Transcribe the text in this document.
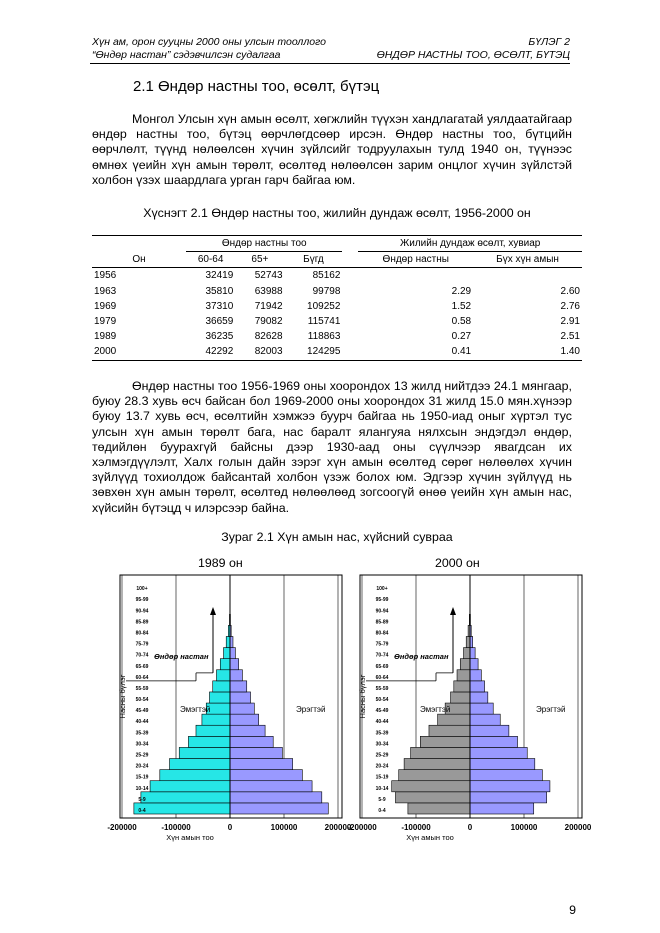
Хүн ам, орон сууцны 2000 оны улсын тооллого
“Өндөр настан” сэдэвчилсэн судалгаа
БҮЛЭГ 2
ӨНДӨР НАСТНЫ ТОО, ӨСӨЛТ, БҮТЭЦ
2.1 Өндөр настны тоо, өсөлт, бүтэц
Монгол Улсын хүн амын өсөлт, хөгжлийн түүхэн хандлагатай уялдаатайгаар өндөр настны тоо, бүтэц өөрчлөгдсөөр ирсэн. Өндөр настны тоо, бүтцийн өөрчлөлт, түүнд нөлөөлсөн хүчин зүйлсийг тодруулахын тулд 1940 он, түүнээс өмнөх үеийн хүн амын төрөлт, өсөлтөд нөлөөлсөн зарим онцлог хүчин зүйлстэй холбон үзэх шаардлага урган гарч байгаа юм.
Хүснэгт 2.1 Өндөр настны тоо, жилийн дундаж өсөлт, 1956-2000 он
	Өндөр настны тоо				Жилийн дундаж өсөлт, хувиар	
Он	60-64	65+	Бүгд		Өндөр настны	Бүх хүн амын
1956	32419	52743	85162			
1963	35810	63988	99798		2.29	2.60
1969	37310	71942	109252		1.52	2.76
1979	36659	79082	115741		0.58	2.91
1989	36235	82628	118863		0.27	2.51
2000	42292	82003	124295		0.41	1.40
Өндөр настны тоо 1956-1969 оны хоорондох 13 жилд нийтдээ 24.1 мянгаар, буюу 28.3 хувь өсч байсан бол 1969-2000 оны хоорондох 31 жилд 15.0 мян.хүнээр буюу 13.7 хувь өсч, өсөлтийн хэмжээ буурч байгаа нь 1950-иад оныг хүртэл тус улсын хүн амын төрөлт бага, нас баралт ялангуяа нялхсын эндэгдэл өндөр, төдийлөн буурахгүй байсны дээр 1930-аад оны сүүлчээр явагдсан их хэлмэгдүүлэлт, Халх голын дайн зэрэг хүн амын өсөлтөд сөрөг нөлөөлөх хүчин зүйлүүд тохиолдож байсантай холбон үзэж болох юм. Эдгээр хүчин зүйлүүд нь зөвхөн хүн амын төрөлт, өсөлтөд нөлөөлөөд зогсоогүй өнөө үеийн хүн амын нас, хүйсийн бүтэцд ч илэрсээр байна.
Зураг 2.1 Хүн амын нас, хүйсний сувраа
1989 он	2000 он
0-4
5-9
10-14
15-19
20-24
25-29
30-34
35-39
40-44
45-49
50-54
55-59
60-64
65-69
70-74
75-79
80-84
85-89
90-94
95-99
100+
Өндөр настан
Эмэгтэй	Эрэгтэй
Насны бүлэг
-200000	-100000	0	100000	200000
Хүн амын тоо
0-4
5-9
10-14
15-19
20-24
25-29
30-34
35-39
40-44
45-49
50-54
55-59
60-64
65-69
70-74
75-79
80-84
85-89
90-94
95-99
100+
Өндөр настан
Эмэгтэй	Эрэгтэй
Насны бүлэг
-200000	-100000	0	100000	200000
Хүн амын тоо
9
